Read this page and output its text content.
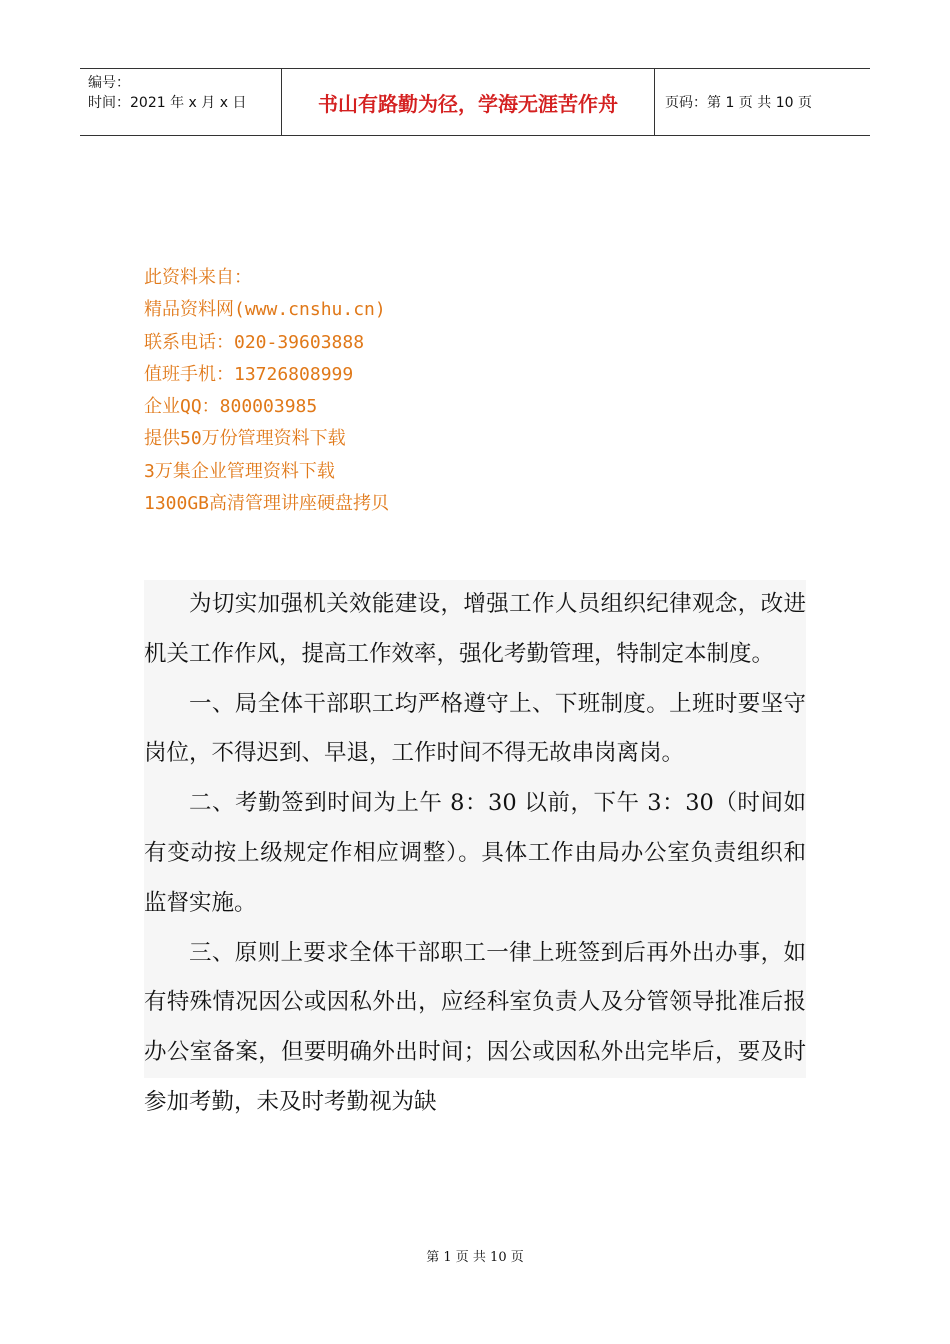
编号：
时间：2021 年 x 月 x 日	书山有路勤为径，学海无涯苦作舟	页码：第 1 页 共 10 页
此资料来自：
精品资料网(www.cnshu.cn)
联系电话：020-39603888
值班手机：13726808999
企业QQ：800003985
提供50万份管理资料下载
3万集企业管理资料下载
1300GB高清管理讲座硬盘拷贝

为切实加强机关效能建设，增强工作人员组织纪律观念，改进机关工作作风，提高工作效率，强化考勤管理，特制定本制度。

一、局全体干部职工均严格遵守上、下班制度。上班时要坚守岗位，不得迟到、早退，工作时间不得无故串岗离岗。

二、考勤签到时间为上午 8：30 以前，下午 3：30（时间如有变动按上级规定作相应调整）。具体工作由局办公室负责组织和监督实施。

三、原则上要求全体干部职工一律上班签到后再外出办事，如有特殊情况因公或因私外出，应经科室负责人及分管领导批准后报办公室备案，但要明确外出时间；因公或因私外出完毕后，要及时参加考勤，未及时考勤视为缺

第 1 页 共 10 页
